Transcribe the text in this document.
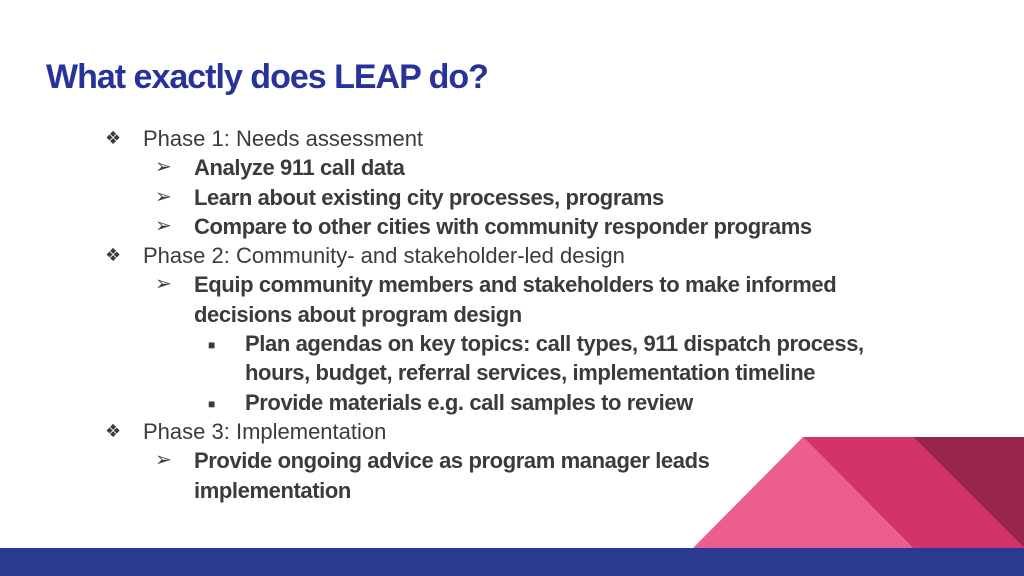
What exactly does LEAP do?

❖ Phase 1: Needs assessment

➢ Analyze 911 call data

➢ Learn about existing city processes, programs

➢ Compare to other cities with community responder programs

❖ Phase 2: Community- and stakeholder-led design

➢ Equip community members and stakeholders to make informed

decisions about program design

■ Plan agendas on key topics: call types, 911 dispatch process,

hours, budget, referral services, implementation timeline

■ Provide materials e.g. call samples to review

❖ Phase 3: Implementation

➢ Provide ongoing advice as program manager leads

implementation
